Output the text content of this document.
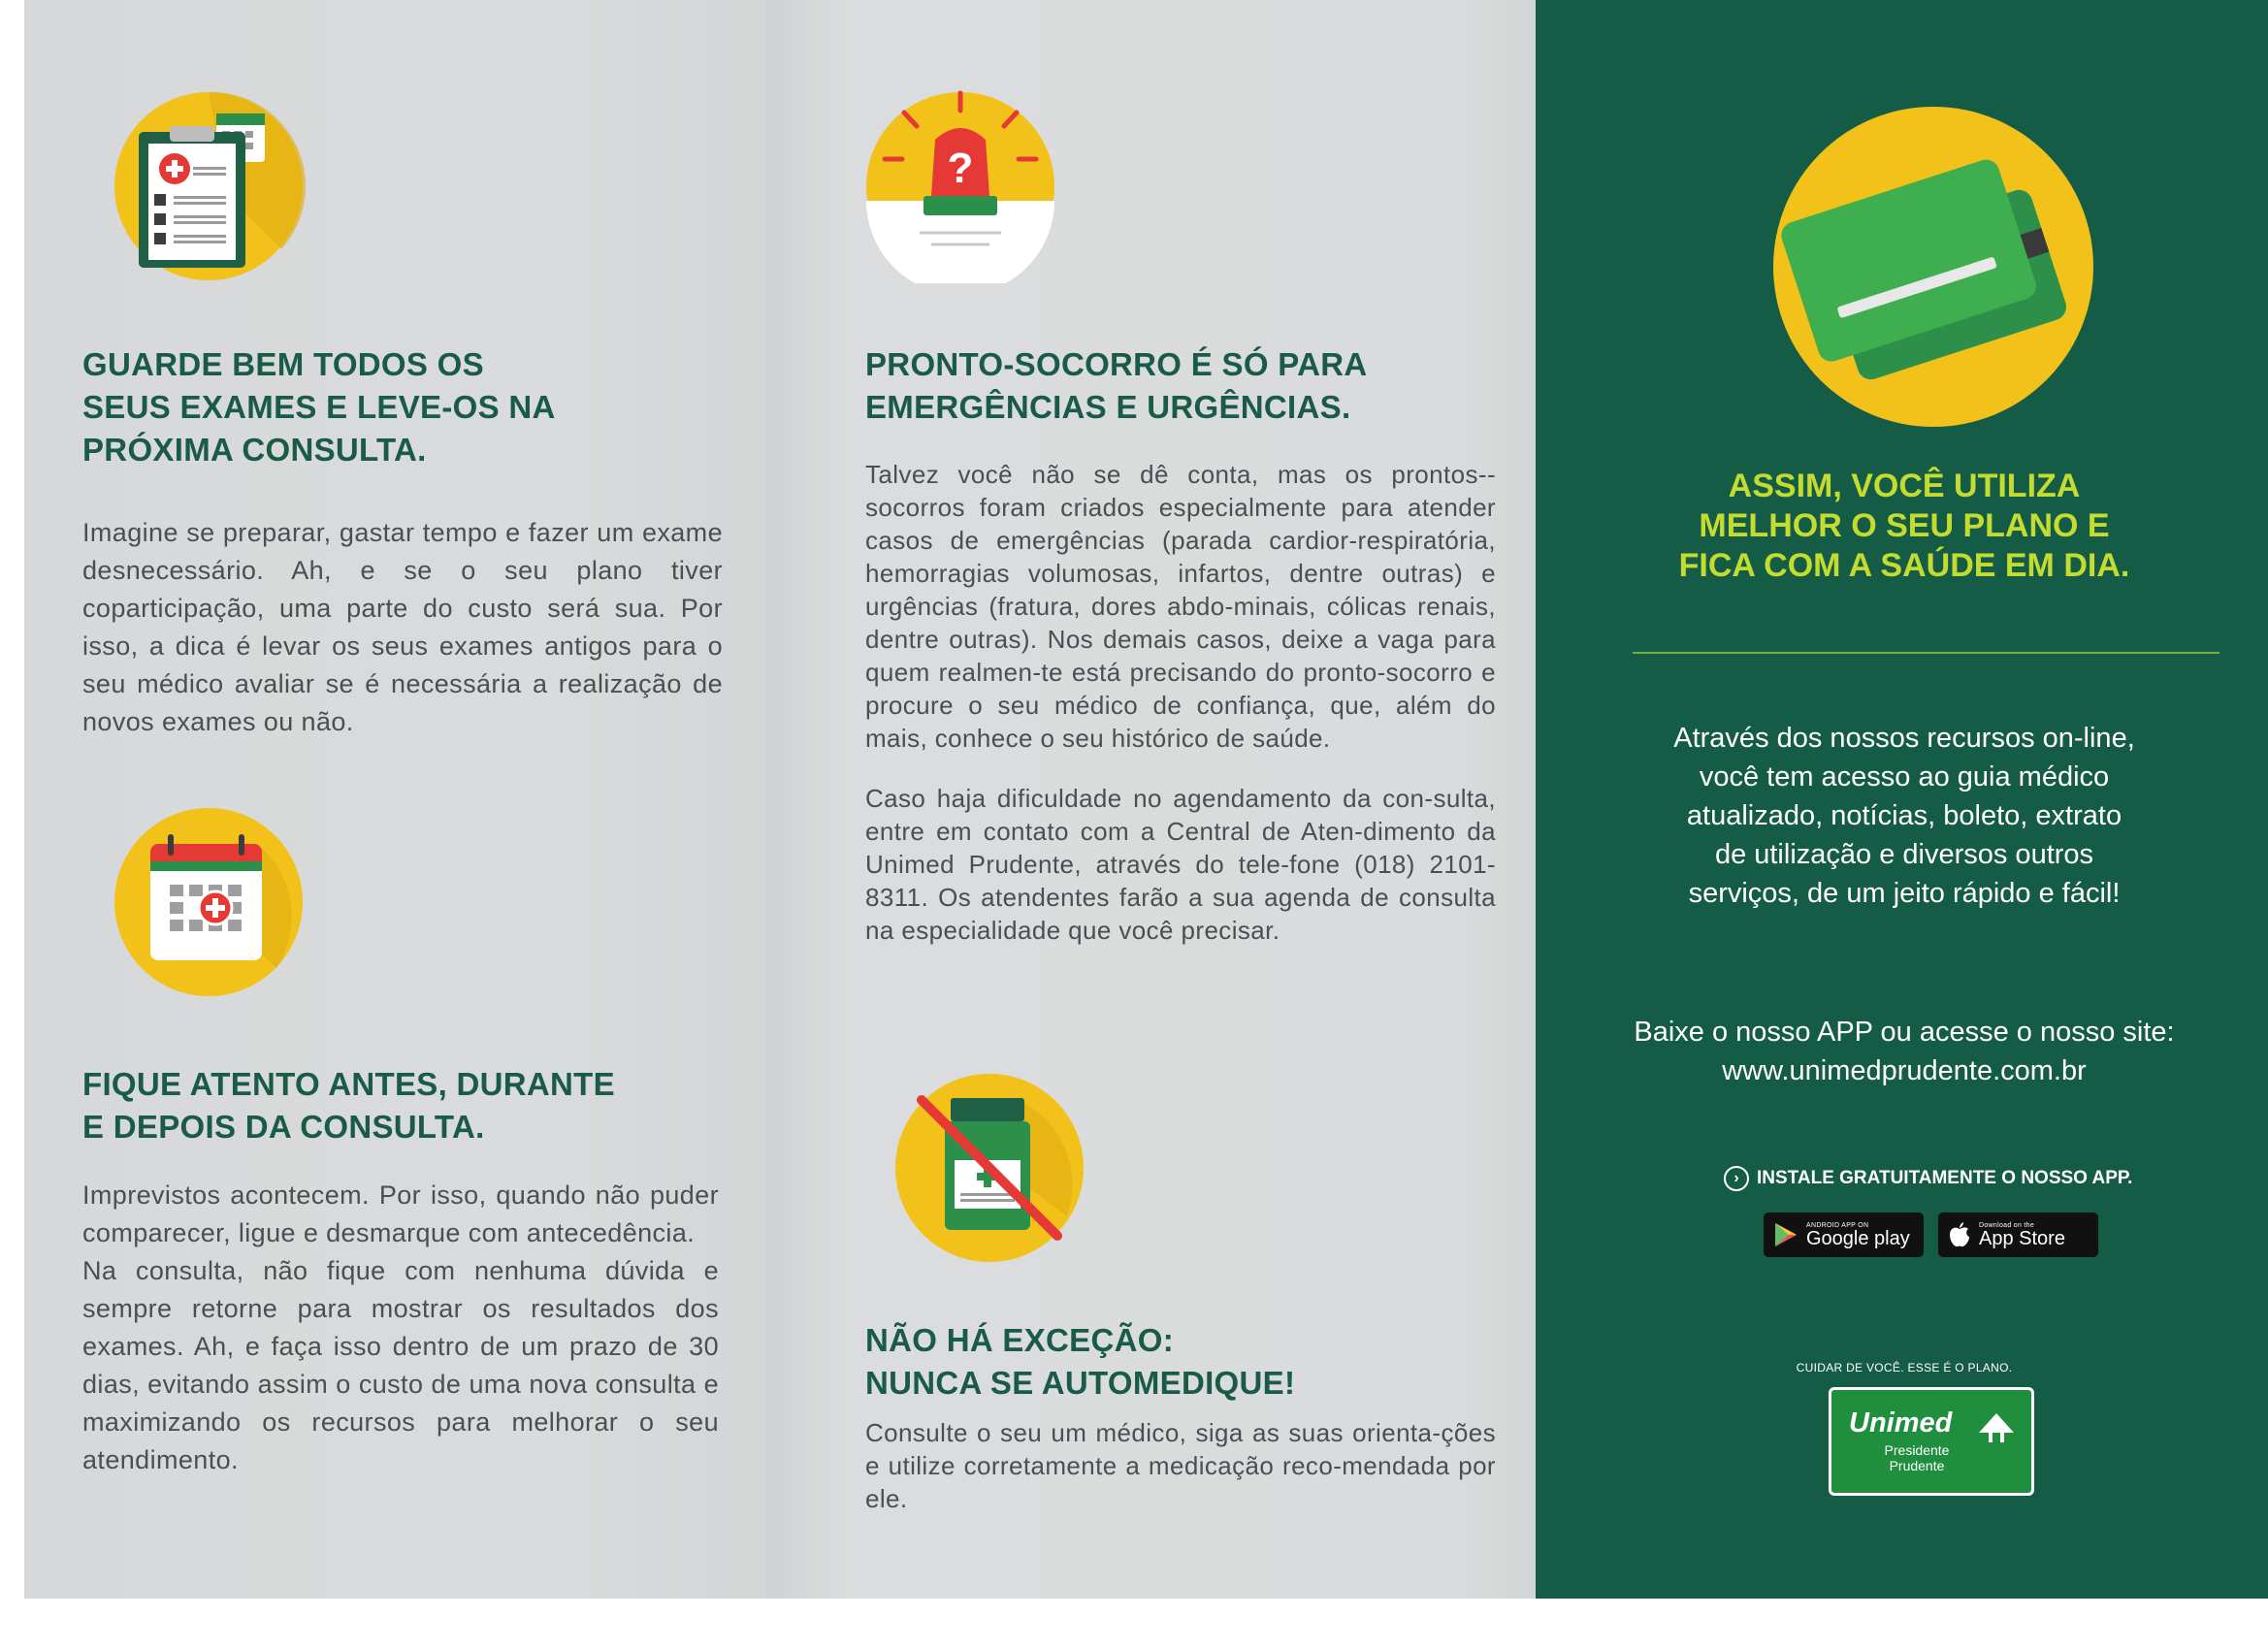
GUARDE BEM TODOS OS
SEUS EXAMES E LEVE-OS NA
PRÓXIMA CONSULTA.

Imagine se preparar, gastar tempo e fazer um exame desnecessário. Ah, e se o seu plano tiver coparticipação, uma parte do custo será sua. Por isso, a dica é levar os seus exames antigos para o seu médico avaliar se é necessária a realização de novos exames ou não.

FIQUE ATENTO ANTES, DURANTE
E DEPOIS DA CONSULTA.

Imprevistos acontecem. Por isso, quando não puder comparecer, ligue e desmarque com antecedência.

Na consulta, não fique com nenhuma dúvida e sempre retorne para mostrar os resultados dos exames. Ah, e faça isso dentro de um prazo de 30 dias, evitando assim o custo de uma nova consulta e maximizando os recursos para melhorar o seu atendimento.

?
PRONTO-SOCORRO É SÓ PARA
EMERGÊNCIAS E URGÊNCIAS.

Talvez você não se dê conta, mas os prontos--socorros foram criados especialmente para atender casos de emergências (parada cardior-respiratória, hemorragias volumosas, infartos, dentre outras) e urgências (fratura, dores abdo-minais, cólicas renais, dentre outras). Nos demais casos, deixe a vaga para quem realmen-te está precisando do pronto-socorro e procure o seu médico de confiança, que, além do mais, conhece o seu histórico de saúde.

Caso haja dificuldade no agendamento da con-sulta, entre em contato com a Central de Aten-dimento da Unimed Prudente, através do tele-fone (018) 2101-8311. Os atendentes farão a sua agenda de consulta na especialidade que você precisar.

NÃO HÁ EXCEÇÃO:
NUNCA SE AUTOMEDIQUE!

Consulte o seu um médico, siga as suas orienta-ções e utilize corretamente a medicação reco-mendada por ele.

ASSIM, VOCÊ UTILIZA
MELHOR O SEU PLANO E
FICA COM A SAÚDE EM DIA.
Através dos nossos recursos on-line,
você tem acesso ao guia médico
atualizado, notícias, boleto, extrato
de utilização e diversos outros
serviços, de um jeito rápido e fácil!
Baixe o nosso APP ou acesse o nosso site:
www.unimedprudente.com.br
› INSTALE GRATUITAMENTE O NOSSO APP.
ANDROID APP ON
Google play
Download on the
App Store
CUIDAR DE VOCÊ. ESSE É O PLANO.
Unimed
Presidente
Prudente
